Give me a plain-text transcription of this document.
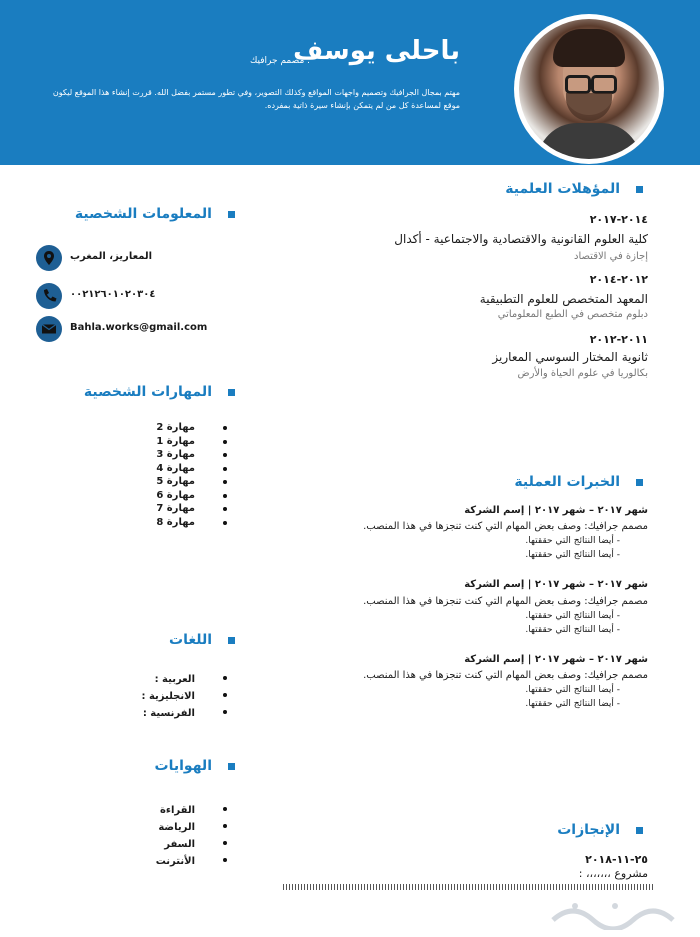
باحلى يوسف
. مصمم جرافيك
مهتم بمجال الجرافيك وتصميم واجهات المواقع وكذلك التصوير، وفي تطور مستمر بفضل الله. قررت إنشاء هذا الموقع ليكون موقع لمساعدة كل من لم يتمكن بإنشاء سيرة ذاتية بمفرده.
المؤهلات العلمية
٢٠١٤-٢٠١٧
كلية العلوم القانونية والاقتصادية والاجتماعية - أكدال
إجازة في الاقتصاد
٢٠١٢-٢٠١٤
المعهد المتخصص للعلوم التطبيقية
دبلوم متخصص في الطبع المعلوماتي
٢٠١١-٢٠١٢
ثانوية المختار السوسي المعاريز
بكالوريا في علوم الحياة والأرض
المعلومات الشخصية
المعاريز، المغرب
٠٠٢١٢٦٠١٠٢٠٣٠٤
Bahla.works@gmail.com
المهارات الشخصية
مهارة 2
مهارة 1
مهارة 3
مهارة 4
مهارة 5
مهارة 6
مهارة 7
مهارة 8
الخبرات العملية
شهر ٢٠١٧ – شهر ٢٠١٧ | إسم الشركة
مصمم جرافيك: وصف بعض المهام التي كنت تنجزها في هذا المنصب.
- أيضا النتائج التي حققتها.
- أيضا النتائج التي حققتها.
شهر ٢٠١٧ – شهر ٢٠١٧ | إسم الشركة
مصمم جرافيك: وصف بعض المهام التي كنت تنجزها في هذا المنصب.
- أيضا النتائج التي حققتها.
- أيضا النتائج التي حققتها.
شهر ٢٠١٧ – شهر ٢٠١٧ | إسم الشركة
مصمم جرافيك: وصف بعض المهام التي كنت تنجزها في هذا المنصب.
- أيضا النتائج التي حققتها.
- أيضا النتائج التي حققتها.
اللغات
العربية :
الانجليزية :
الفرنسية :
الهوايات
القراءة
الرياضة
السفر
الأنترنت
الإنجازات
٢٥-١١-٢٠١٨
مشروع ،،،،،،، :
